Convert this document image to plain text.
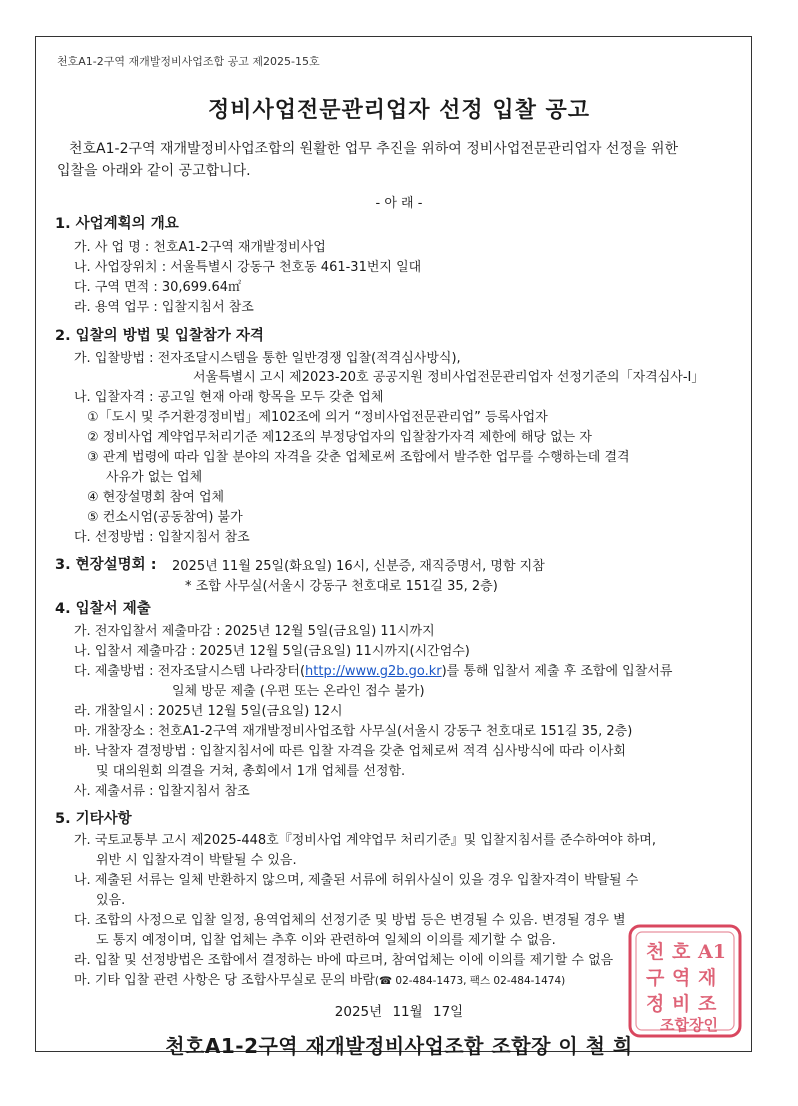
천호A1-2구역 재개발정비사업조합 공고 제2025-15호
정비사업전문관리업자 선정 입찰 공고
천호A1-2구역 재개발정비사업조합의 원활한 업무 추진을 위하여 정비사업전문관리업자 선정을 위한
입찰을 아래와 같이 공고합니다.
- 아 래 -
1. 사업계획의 개요
가. 사 업 명 : 천호A1-2구역 재개발정비사업
나. 사업장위치 : 서울특별시 강동구 천호동 461-31번지 일대
다. 구역 면적 : 30,699.64㎡
라. 용역 업무 : 입찰지침서 참조
2. 입찰의 방법 및 입찰참가 자격
가. 입찰방법 : 전자조달시스템을 통한 일반경쟁 입찰(적격심사방식),
서울특별시 고시 제2023-20호 공공지원 정비사업전문관리업자 선정기준의「자격심사-Ⅰ」
나. 입찰자격 : 공고일 현재 아래 항목을 모두 갖춘 업체
①「도시 및 주거환경정비법」제102조에 의거 “정비사업전문관리업” 등록사업자
② 정비사업 계약업무처리기준 제12조의 부정당업자의 입찰참가자격 제한에 해당 없는 자
③ 관계 법령에 따라 입찰 분야의 자격을 갖춘 업체로써 조합에서 발주한 업무를 수행하는데 결격
사유가 없는 업체
④ 현장설명회 참여 업체
⑤ 컨소시엄(공동참여) 불가
다. 선정방법 : 입찰지침서 참조
3. 현장설명회 : 2025년 11월 25일(화요일) 16시, 신분증, 재직증명서, 명함 지참
* 조합 사무실(서울시 강동구 천호대로 151길 35, 2층)
4. 입찰서 제출
가. 전자입찰서 제출마감 : 2025년 12월 5일(금요일) 11시까지
나. 입찰서 제출마감 : 2025년 12월 5일(금요일) 11시까지(시간엄수)
다. 제출방법 : 전자조달시스템 나라장터(http://www.g2b.go.kr)를 통해 입찰서 제출 후 조합에 입찰서류
일체 방문 제출 (우편 또는 온라인 접수 불가)
라. 개찰일시 : 2025년 12월 5일(금요일) 12시
마. 개찰장소 : 천호A1-2구역 재개발정비사업조합 사무실(서울시 강동구 천호대로 151길 35, 2층)
바. 낙찰자 결정방법 : 입찰지침서에 따른 입찰 자격을 갖춘 업체로써 적격 심사방식에 따라 이사회
및 대의원회 의결을 거쳐, 총회에서 1개 업체를 선정함.
사. 제출서류 : 입찰지침서 참조
5. 기타사항
가. 국토교통부 고시 제2025-448호『정비사업 계약업무 처리기준』및 입찰지침서를 준수하여야 하며,
위반 시 입찰자격이 박탈될 수 있음.
나. 제출된 서류는 일체 반환하지 않으며, 제출된 서류에 허위사실이 있을 경우 입찰자격이 박탈될 수
있음.
다. 조합의 사정으로 입찰 일정, 용역업체의 선정기준 및 방법 등은 변경될 수 있음. 변경될 경우 별
도 통지 예정이며, 입찰 업체는 추후 이와 관련하여 일체의 이의를 제기할 수 없음.
라. 입찰 및 선정방법은 조합에서 결정하는 바에 따르며, 참여업체는 이에 이의를 제기할 수 없음
마. 기타 입찰 관련 사항은 당 조합사무실로 문의 바람(☎ 02-484-1473, 팩스 02-484-1474)
2025년 11월 17일
천호A1-2구역 재개발정비사업조합 조합장 이 철 희
천 호 A1
구 역 재
정 비 조
조합장인
